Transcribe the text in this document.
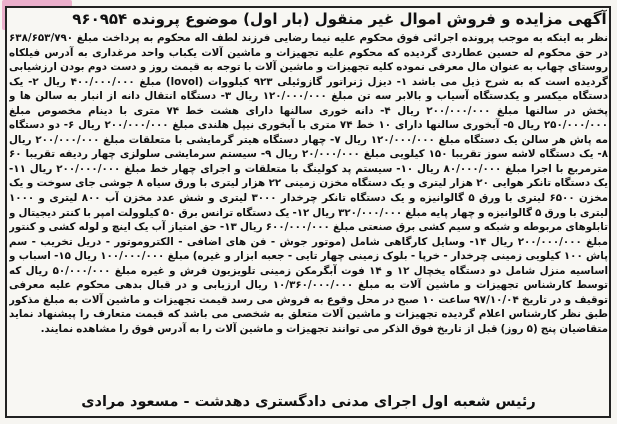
آگهی مزایده و فروش اموال غیر منقول (بار اول) موضوع پرونده ۹۶۰۹۵۴

نظر به اینکه به موجب پرونده اجرائی فوق محکوم علیه نیما رضایی فرزند لطف اله محکوم به پرداخت مبلغ ۶۳۸/۶۵۳/۷۹۰ در حق محکوم له حسین عطاردی گردیده که محکوم علیه تجهیزات و ماشین آلات یکباب واحد مرغداری به آدرس فیلکاه روستای چهاب به عنوان مال معرفی نموده کلیه تجهیزات و ماشین آلات با توجه به قیمت روز و دست دوم بودن ارزشیابی گردیده است که به شرح ذیل می باشد ۱- دیزل ژنراتور گازوئیلی ۹۲۳ کیلووات (lovol) مبلغ ۴۰۰/۰۰۰/۰۰۰ ریال ۲- یک دستگاه میکسر و یکدستگاه آسیاب و بالابر سه تن مبلغ ۱۲۰/۰۰۰/۰۰۰ ریال ۳- دستگاه انتقال دانه از انبار به سالن ها و پخش در سالنها مبلغ ۲۰۰/۰۰۰/۰۰۰ ریال ۴- دانه خوری سالنها دارای هشت خط ۷۴ متری با دینام مخصوص مبلغ ۲۵۰/۰۰۰/۰۰۰ ریال ۵- آبخوری سالنها دارای ۱۰ خط ۷۴ متری با آبخوری نیپل هلندی مبلغ ۲۰۰/۰۰۰/۰۰۰ ریال ۶- دو دستگاه مه پاش هر سالن یک دستگاه مبلغ ۱۲۰/۰۰۰/۰۰۰ ریال ۷- چهار دستگاه هیتر گرمایشی با متعلقات مبلغ ۲۰۰/۰۰۰/۰۰۰ ریال ۸- یک دستگاه لاشه سوز تقریبا ۱۵۰ کیلویی مبلغ ۲۰/۰۰۰/۰۰۰ ریال ۹- سیستم سرمایشی سلولزی چهار ردیفه تقریبا ۶۰ مترمربع با اجرا مبلغ ۸۰/۰۰۰/۰۰۰ ریال ۱۰- سیستم پد کولینگ با متعلقات و اجرای چهار خط مبلغ ۲۰۰/۰۰۰/۰۰۰ ریال ۱۱- یک دستگاه تانکر هوایی ۲۰ هزار لیتری و یک دستگاه مخزن زمینی ۲۲ هزار لیتری با ورق سیاه ۸ جوشی جای سوخت و یک مخزن ۶۵۰۰ لیتری با ورق ۵ گالوانیزه و یک دستگاه تانکر چرخدار ۳۰۰۰ لیتری و شش عدد مخزن آب ۸۰۰ لیتری و ۱۰۰۰ لیتری با ورق ۵ گالوانیزه و چهار پایه مبلغ ۳۲۰/۰۰۰/۰۰۰ ریال ۱۲- یک دستگاه ترانس برق ۵۰ کیلوولت امپر با کنتر دیجیتال و تابلوهای مربوطه و شبکه و سیم کشی برق صنعتی مبلغ ۶۰۰/۰۰۰/۰۰۰ ریال ۱۳- حق امتیاز آب یک اینچ و لوله کشی و کنتور مبلغ ۲۰۰/۰۰۰/۰۰۰ ریال ۱۴- وسایل کارگاهی شامل (موتور جوش - فن های اضافی - الکتروموتور - دریل تخریب - سم پاش ۱۰۰ کیلویی زمینی چرخدار - خرپا - بلوک زمینی چهار تایی - جعبه ابزار و غیره) مبلغ ۱۰۰/۰۰۰/۰۰۰ ریال ۱۵- اسباب و اساسیه منزل شامل دو دستگاه یخچال ۱۲ و ۱۴ فوت آبگرمکن زمینی تلویزیون فرش و غیره مبلغ ۵۰/۰۰۰/۰۰۰ ریال که توسط کارشناس تجهیزات و ماشین آلات به مبلغ ۱۰/۳۶۰/۰۰۰/۰۰۰ ریال ارزیابی و در قبال بدهی محکوم علیه معرفی توقیف و در تاریخ ۹۷/۱۰/۰۴ ساعت ۱۰ صبح در محل وقوع به فروش می رسد قیمت تجهیزات و ماشین آلات به مبلغ مذکور طبق نظر کارشناس اعلام گردیده تجهیزات و ماشین آلات متعلق به شخصی می باشد که قیمت متعارف را پیشنهاد نماید متقاضیان پنج (۵ روز) قبل از تاریخ فوق الذکر می توانند تجهیزات و ماشین آلات را به آدرس فوق را مشاهده نمایند.

رئیس شعبه اول اجرای مدنی دادگستری دهدشت - مسعود مرادی
